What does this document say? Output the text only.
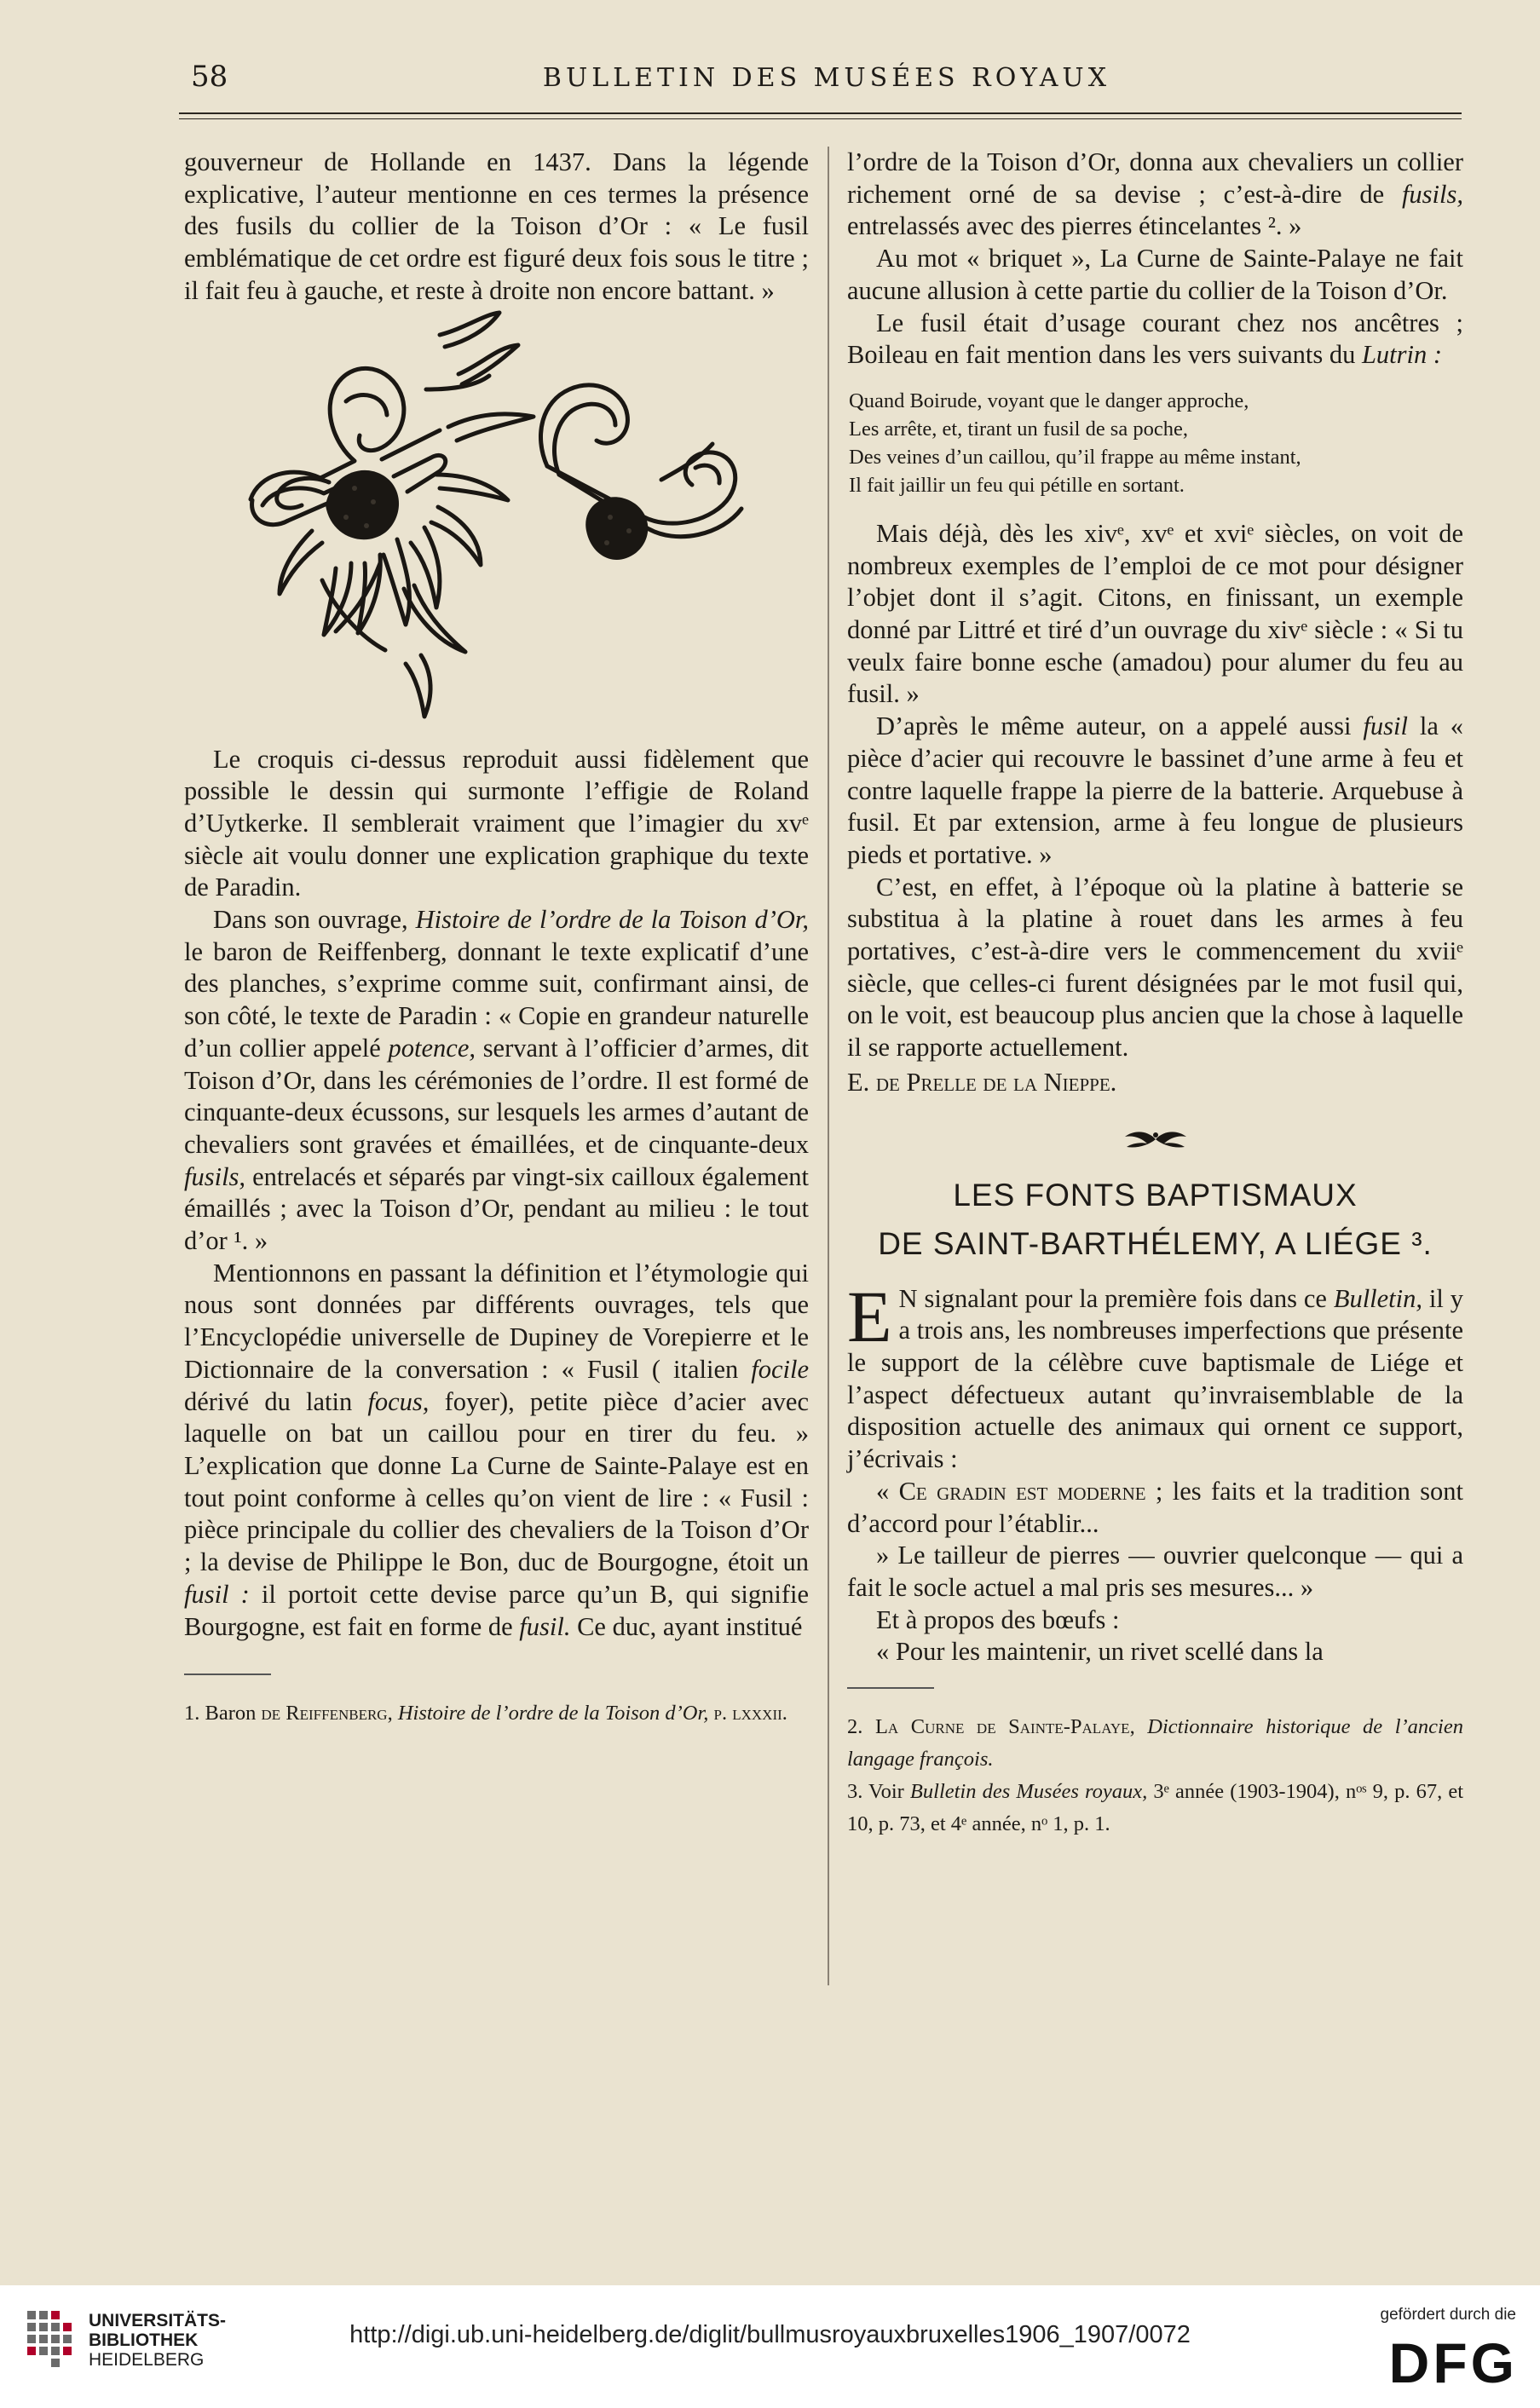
58	BULLETIN DES MUSÉES ROYAUX

gouverneur de Hollande en 1437. Dans la légende explicative, l’auteur mentionne en ces termes la présence des fusils du collier de la Toison d’Or : « Le fusil emblématique de cet ordre est figuré deux fois sous le titre ; il fait feu à gauche, et reste à droite non encore battant. »

Le croquis ci-dessus reproduit aussi fidèlement que possible le dessin qui surmonte l’effigie de Roland d’Uytkerke. Il semblerait vraiment que l’imagier du xvᵉ siècle ait voulu donner une explication graphique du texte de Paradin.

Dans son ouvrage, Histoire de l’ordre de la Toison d’Or, le baron de Reiffenberg, donnant le texte explicatif d’une des planches, s’exprime comme suit, confirmant ainsi, de son côté, le texte de Paradin : « Copie en grandeur naturelle d’un collier appelé potence, servant à l’officier d’armes, dit Toison d’Or, dans les cérémonies de l’ordre. Il est formé de cinquante-deux écussons, sur lesquels les armes d’autant de chevaliers sont gravées et émaillées, et de cinquante-deux fusils, entrelacés et séparés par vingt-six cailloux également émaillés ; avec la Toison d’Or, pendant au milieu : le tout d’or ¹. »

Mentionnons en passant la définition et l’étymologie qui nous sont données par différents ouvrages, tels que l’Encyclopédie universelle de Dupiney de Vorepierre et le Dictionnaire de la conversation : « Fusil ( italien focile dérivé du latin focus, foyer), petite pièce d’acier avec laquelle on bat un caillou pour en tirer du feu. » L’explication que donne La Curne de Sainte-Palaye est en tout point conforme à celles qu’on vient de lire : « Fusil : pièce principale du collier des chevaliers de la Toison d’Or ; la devise de Philippe le Bon, duc de Bourgogne, étoit un fusil : il portoit cette devise parce qu’un B, qui signifie Bourgogne, est fait en forme de fusil. Ce duc, ayant institué

1. Baron de Reiffenberg, Histoire de l’ordre de la Toison d’Or, p. lxxxii.

l’ordre de la Toison d’Or, donna aux chevaliers un collier richement orné de sa devise ; c’est-à-dire de fusils, entrelassés avec des pierres étincelantes ². »

Au mot « briquet », La Curne de Sainte-Palaye ne fait aucune allusion à cette partie du collier de la Toison d’Or.

Le fusil était d’usage courant chez nos ancêtres ; Boileau en fait mention dans les vers suivants du Lutrin :

Quand Boirude, voyant que le danger approche,
Les arrête, et, tirant un fusil de sa poche,
Des veines d’un caillou, qu’il frappe au même instant,
Il fait jaillir un feu qui pétille en sortant.

Mais déjà, dès les xivᵉ, xvᵉ et xviᵉ siècles, on voit de nombreux exemples de l’emploi de ce mot pour désigner l’objet dont il s’agit. Citons, en finissant, un exemple donné par Littré et tiré d’un ouvrage du xivᵉ siècle : « Si tu veulx faire bonne esche (amadou) pour alumer du feu au fusil. »

D’après le même auteur, on a appelé aussi fusil la « pièce d’acier qui recouvre le bassinet d’une arme à feu et contre laquelle frappe la pierre de la batterie. Arquebuse à fusil. Et par extension, arme à feu longue de plusieurs pieds et portative. »

C’est, en effet, à l’époque où la platine à batterie se substitua à la platine à rouet dans les armes à feu portatives, c’est-à-dire vers le commencement du xviiᵉ siècle, que celles-ci furent désignées par le mot fusil qui, on le voit, est beaucoup plus ancien que la chose à laquelle il se rapporte actuellement.

E. de Prelle de la Nieppe.

LES FONTS BAPTISMAUX
DE SAINT-BARTHÉLEMY, A LIÉGE ³.

E N signalant pour la première fois dans ce Bulletin, il y a trois ans, les nombreuses imperfections que présente le support de la célèbre cuve baptismale de Liége et l’aspect défectueux autant qu’invraisemblable de la disposition actuelle des animaux qui ornent ce support, j’écrivais :

« Ce gradin est moderne ; les faits et la tradition sont d’accord pour l’établir...

» Le tailleur de pierres — ouvrier quelconque — qui a fait le socle actuel a mal pris ses mesures... »

Et à propos des bœufs :

« Pour les maintenir, un rivet scellé dans la

2. La Curne de Sainte-Palaye, Dictionnaire historique de l’ancien langage françois.

3. Voir Bulletin des Musées royaux, 3ᵉ année (1903-1904), nᵒˢ 9, p. 67, et 10, p. 73, et 4ᵉ année, nᵒ 1, p. 1.

UNIVERSITÄTS-
BIBLIOTHEK
HEIDELBERG
http://digi.ub.uni-heidelberg.de/diglit/bullmusroyauxbruxelles1906_1907/0072
gefördert durch die
DFG
